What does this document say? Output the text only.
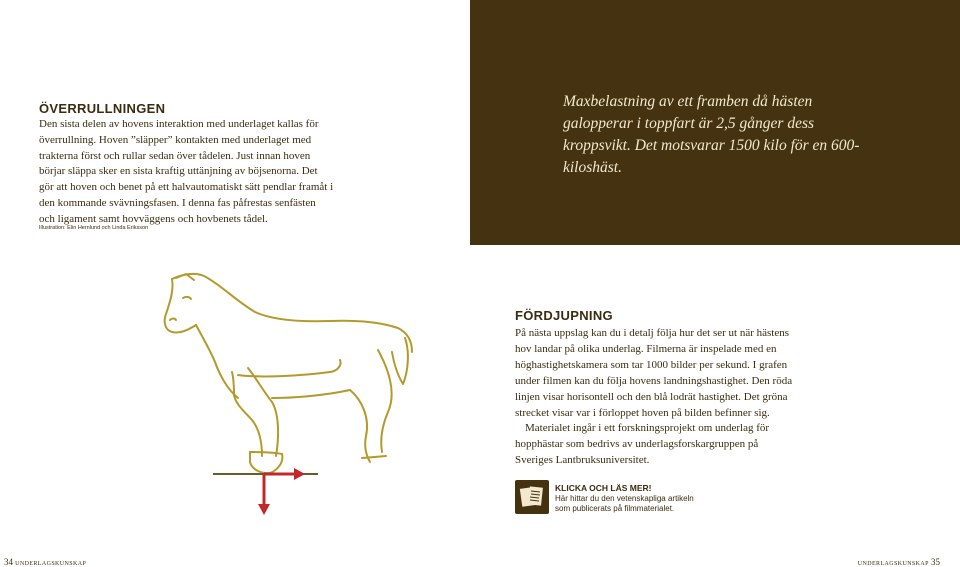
ÖVERRULLNINGEN

Den sista delen av hovens interaktion med underlaget kallas för överrullning. Hoven ”släpper” kontakten med underlaget med trakterna först och rullar sedan över tådelen. Just innan hoven börjar släppa sker en sista kraftig uttänjning av böjsenorna. Det gör att hoven och benet på ett halvautomatiskt sätt pendlar framåt i den kommande svävningsfasen. I denna fas påfrestas senfästen och ligament samt hovväggens och hovbenets tådel.

Illustration: Elin Hernlund och Linda Eriksson

Maxbelastning av ett framben då hästen galopperar i toppfart är 2,5 gånger dess kroppsvikt. Det motsvarar 1500 kilo för en 600-kiloshäst.

FÖRDJUPNING

På nästa uppslag kan du i detalj följa hur det ser ut när hästens hov landar på olika underlag. Filmerna är inspelade med en höghastighetskamera som tar 1000 bilder per sekund. I grafen under filmen kan du följa hovens landningshastighet. Den röda linjen visar horisontell och den blå lodrät hastighet. Det gröna strecket visar var i förloppet hoven på bilden befinner sig.

Materialet ingår i ett forskningsprojekt om underlag för hopphästar som bedrivs av underlagsforskargruppen på Sveriges Lantbruksuniversitet.

KLICKA OCH LÄS MER!
Här hittar du den vetenskapliga artikeln
som publicerats på filmmaterialet.
34 underlagskunskap	underlagskunskap 35
